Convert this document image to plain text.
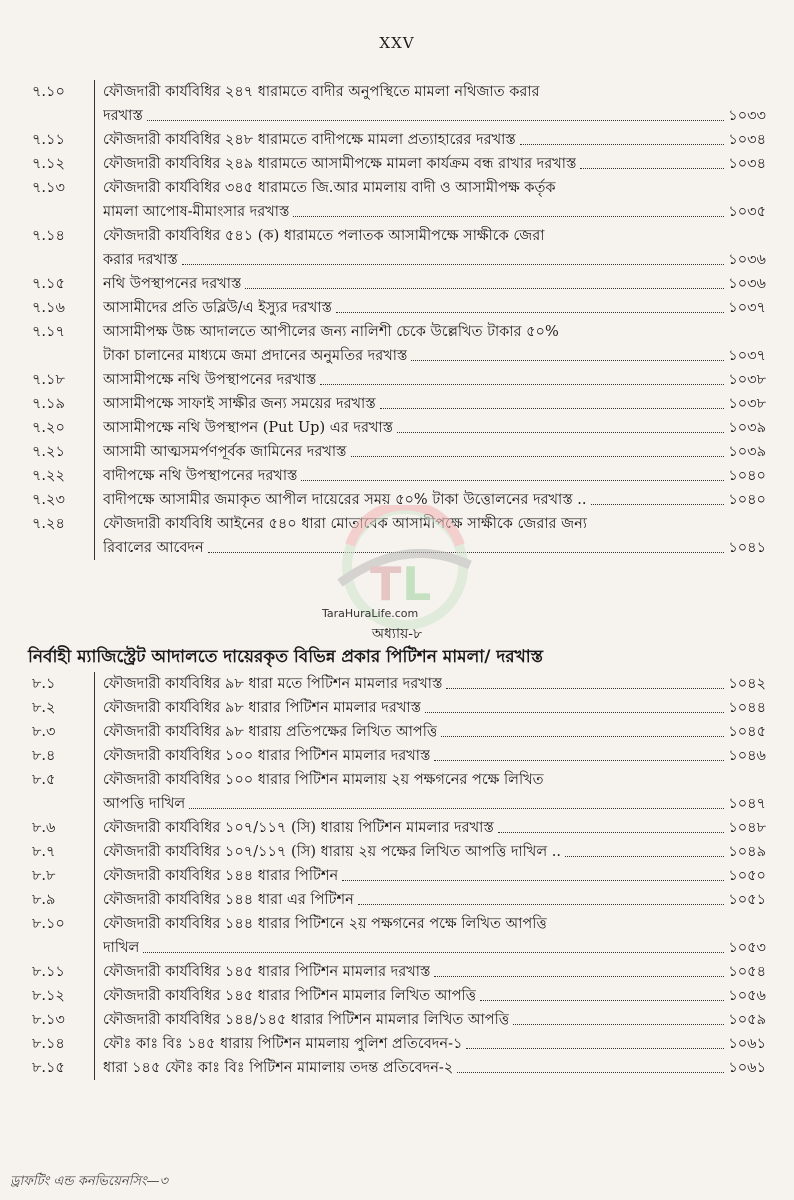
XXV
৭.১০	ফৌজদারী কার্যবিধির ২৪৭ ধারামতে বাদীর অনুপস্থিতে মামলা নথিজাত করার
দরখাস্ত	১০৩৩
৭.১১	ফৌজদারী কার্যবিধির ২৪৮ ধারামতে বাদীপক্ষে মামলা প্রত্যাহারের দরখাস্ত	১০৩৪
৭.১২	ফৌজদারী কার্যবিধির ২৪৯ ধারামতে আসামীপক্ষে মামলা কার্যক্রম বন্ধ রাখার দরখাস্ত	১০৩৪
৭.১৩	ফৌজদারী কার্যবিধির ৩৪৫ ধারামতে জি.আর মামলায় বাদী ও আসামীপক্ষ কর্তৃক
মামলা আপোষ-মীমাংসার দরখাস্ত	১০৩৫
৭.১৪	ফৌজদারী কার্যবিধির ৫৪১ (ক) ধারামতে পলাতক আসামীপক্ষে সাক্ষীকে জেরা
করার দরখাস্ত	১০৩৬
৭.১৫	নথি উপস্থাপনের দরখাস্ত	১০৩৬
৭.১৬	আসামীদের প্রতি ডব্লিউ/এ ইস্যুর দরখাস্ত	১০৩৭
৭.১৭	আসামীপক্ষ উচ্চ আদালতে আপীলের জন্য নালিশী চেকে উল্লেখিত টাকার ৫০%
টাকা চালানের মাধ্যমে জমা প্রদানের অনুমতির দরখাস্ত	১০৩৭
৭.১৮	আসামীপক্ষে নথি উপস্থাপনের দরখাস্ত	১০৩৮
৭.১৯	আসামীপক্ষে সাফাই সাক্ষীর জন্য সময়ের দরখাস্ত	১০৩৮
৭.২০	আসামীপক্ষে নথি উপস্থাপন (Put Up) এর দরখাস্ত	১০৩৯
৭.২১	আসামী আত্মসমর্পণপূর্বক জামিনের দরখাস্ত	১০৩৯
৭.২২	বাদীপক্ষে নথি উপস্থাপনের দরখাস্ত	১০৪০
৭.২৩	বাদীপক্ষে আসামীর জমাকৃত আপীল দায়েরের সময় ৫০% টাকা উত্তোলনের দরখাস্ত ..	১০৪০
৭.২৪	ফৌজদারী কার্যবিধি আইনের ৫৪০ ধারা মোতাবেক আসামীপক্ষে সাক্ষীকে জেরার জন্য
রিবালের আবেদন	১০৪১
T L
TaraHuraLife.com
অধ্যায়-৮
নির্বাহী ম্যাজিস্ট্রেট আদালতে দায়েরকৃত বিভিন্ন প্রকার পিটিশন মামলা/ দরখাস্ত
৮.১	ফৌজদারী কার্যবিধির ৯৮ ধারা মতে পিটিশন মামলার দরখাস্ত	১০৪২
৮.২	ফৌজদারী কার্যবিধির ৯৮ ধারার পিটিশন মামলার দরখাস্ত	১০৪৪
৮.৩	ফৌজদারী কার্যবিধির ৯৮ ধারায় প্রতিপক্ষের লিখিত আপত্তি	১০৪৫
৮.৪	ফৌজদারী কার্যবিধির ১০০ ধারার পিটিশন মামলার দরখাস্ত	১০৪৬
৮.৫	ফৌজদারী কার্যবিধির ১০০ ধারার পিটিশন মামলায় ২য় পক্ষগনের পক্ষে লিখিত
আপত্তি দাখিল	১০৪৭
৮.৬	ফৌজদারী কার্যবিধির ১০৭/১১৭ (সি) ধারায় পিটিশন মামলার দরখাস্ত	১০৪৮
৮.৭	ফৌজদারী কার্যবিধির ১০৭/১১৭ (সি) ধারায় ২য় পক্ষের লিখিত আপত্তি দাখিল ..	১০৪৯
৮.৮	ফৌজদারী কার্যবিধির ১৪৪ ধারার পিটিশন	১০৫০
৮.৯	ফৌজদারী কার্যবিধির ১৪৪ ধারা এর পিটিশন	১০৫১
৮.১০	ফৌজদারী কার্যবিধির ১৪৪ ধারার পিটিশনে ২য় পক্ষগনের পক্ষে লিখিত আপত্তি
দাখিল	১০৫৩
৮.১১	ফৌজদারী কার্যবিধির ১৪৫ ধারার পিটিশন মামলার দরখাস্ত	১০৫৪
৮.১২	ফৌজদারী কার্যবিধির ১৪৫ ধারার পিটিশন মামলার লিখিত আপত্তি	১০৫৬
৮.১৩	ফৌজদারী কার্যবিধির ১৪৪/১৪৫ ধারার পিটিশন মামলার লিখিত আপত্তি	১০৫৯
৮.১৪	ফৌঃ কাঃ বিঃ ১৪৫ ধারায় পিটিশন মামলায় পুলিশ প্রতিবেদন-১	১০৬১
৮.১৫	ধারা ১৪৫ ফৌঃ কাঃ বিঃ পিটিশন মামালায় তদন্ত প্রতিবেদন-২	১০৬১
ড্রাফটিং এন্ড কনভিয়েনসিং—৩
